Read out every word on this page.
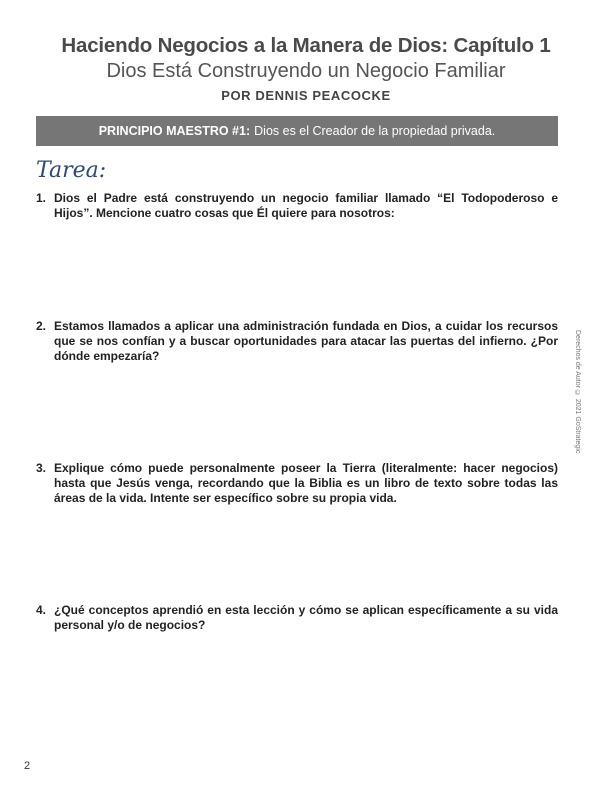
Haciendo Negocios a la Manera de Dios: Capítulo 1
Dios Está Construyendo un Negocio Familiar
POR DENNIS PEACOCKE
PRINCIPIO MAESTRO #1: Dios es el Creador de la propiedad privada.
Tarea:
1. Dios el Padre está construyendo un negocio familiar llamado “El Todopoderoso e Hijos”. Mencione cuatro cosas que Él quiere para nosotros:
2. Estamos llamados a aplicar una administración fundada en Dios, a cuidar los recursos que se nos confían y a buscar oportunidades para atacar las puertas del infierno. ¿Por dónde empezaría?
3. Explique cómo puede personalmente poseer la Tierra (literalmente: hacer negocios) hasta que Jesús venga, recordando que la Biblia es un libro de texto sobre todas las áreas de la vida. Intente ser específico sobre su propia vida.
4. ¿Qué conceptos aprendió en esta lección y cómo se aplican específicamente a su vida personal y/o de negocios?
Derechos de Autor © 2021 GoStrategic
2
